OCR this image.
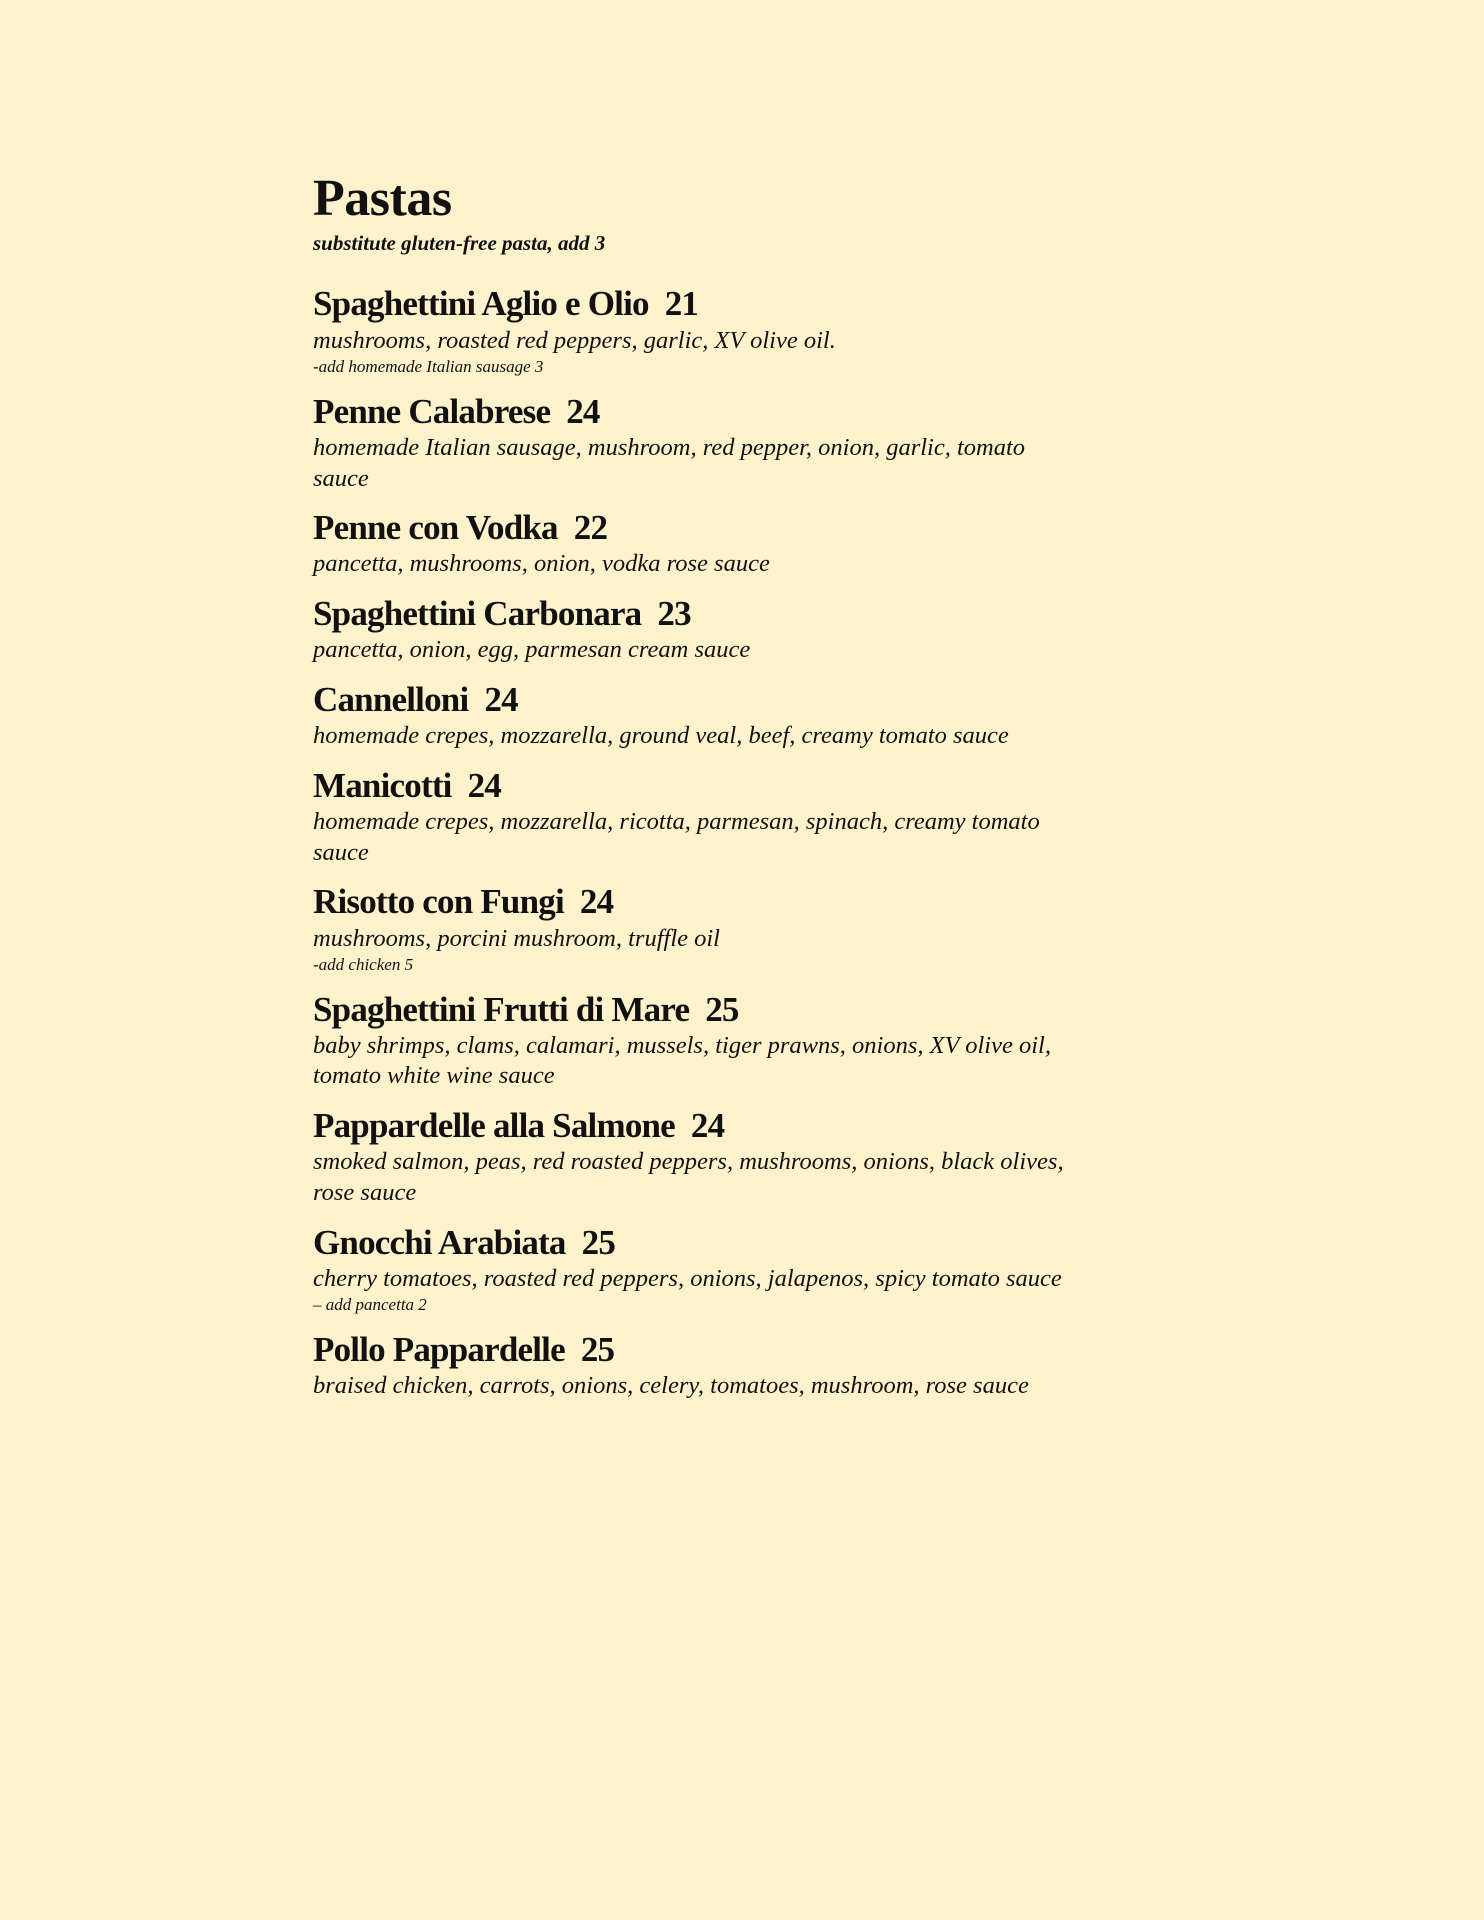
Pastas

substitute gluten-free pasta, add 3

Spaghettini Aglio e Olio 21
mushrooms, roasted red peppers, garlic, XV olive oil.
-add homemade Italian sausage 3
Penne Calabrese 24
homemade Italian sausage, mushroom, red pepper, onion, garlic, tomato sauce
Penne con Vodka 22
pancetta, mushrooms, onion, vodka rose sauce
Spaghettini Carbonara 23
pancetta, onion, egg, parmesan cream sauce
Cannelloni 24
homemade crepes, mozzarella, ground veal, beef, creamy tomato sauce
Manicotti 24
homemade crepes, mozzarella, ricotta, parmesan, spinach, creamy tomato sauce
Risotto con Fungi 24
mushrooms, porcini mushroom, truffle oil
-add chicken 5
Spaghettini Frutti di Mare 25
baby shrimps, clams, calamari, mussels, tiger prawns, onions, XV olive oil, tomato white wine sauce
Pappardelle alla Salmone 24
smoked salmon, peas, red roasted peppers, mushrooms, onions, black olives, rose sauce
Gnocchi Arabiata 25
cherry tomatoes, roasted red peppers, onions, jalapenos, spicy tomato sauce
– add pancetta 2
Pollo Pappardelle 25
braised chicken, carrots, onions, celery, tomatoes, mushroom, rose sauce
